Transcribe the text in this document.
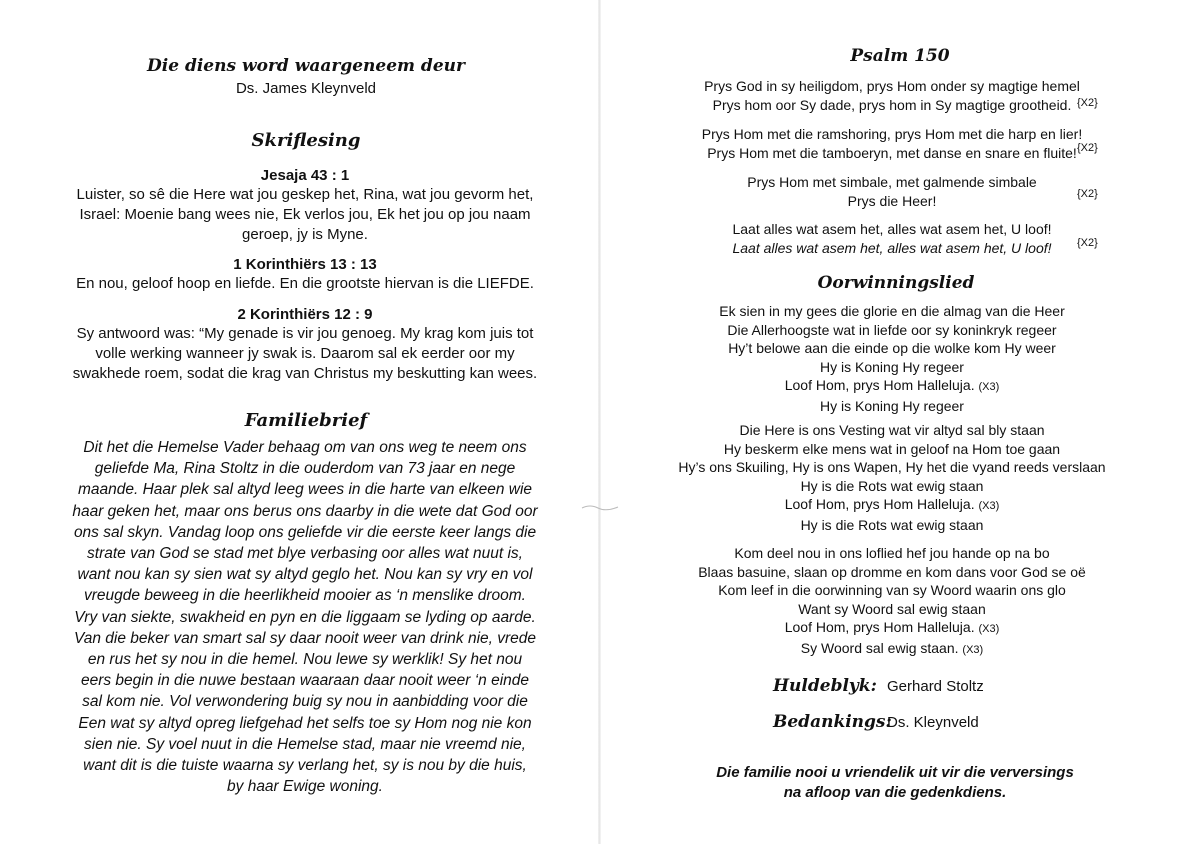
Die diens word waargeneem deur
Ds. James Kleynveld
Skriflesing
Jesaja 43 : 1
Luister, so sê die Here wat jou geskep het, Rina, wat jou gevorm het,
Israel: Moenie bang wees nie, Ek verlos jou, Ek het jou op jou naam
geroep, jy is Myne.
1 Korinthiërs 13 : 13
En nou, geloof hoop en liefde. En die grootste hiervan is die LIEFDE.
2 Korinthiërs 12 : 9
Sy antwoord was: “My genade is vir jou genoeg. My krag kom juis tot
volle werking wanneer jy swak is. Daarom sal ek eerder oor my
swakhede roem, sodat die krag van Christus my beskutting kan wees.
Familiebrief
Dit het die Hemelse Vader behaag om van ons weg te neem ons
geliefde Ma, Rina Stoltz in die ouderdom van 73 jaar en nege
maande. Haar plek sal altyd leeg wees in die harte van elkeen wie
haar geken het, maar ons berus ons daarby in die wete dat God oor
ons sal skyn. Vandag loop ons geliefde vir die eerste keer langs die
strate van God se stad met blye verbasing oor alles wat nuut is,
want nou kan sy sien wat sy altyd geglo het. Nou kan sy vry en vol
vreugde beweeg in die heerlikheid mooier as ‘n menslike droom.
Vry van siekte, swakheid en pyn en die liggaam se lyding op aarde.
Van die beker van smart sal sy daar nooit weer van drink nie, vrede
en rus het sy nou in die hemel. Nou lewe sy werklik! Sy het nou
eers begin in die nuwe bestaan waaraan daar nooit weer ‘n einde
sal kom nie. Vol verwondering buig sy nou in aanbidding voor die
Een wat sy altyd opreg liefgehad het selfs toe sy Hom nog nie kon
sien nie. Sy voel nuut in die Hemelse stad, maar nie vreemd nie,
want dit is die tuiste waarna sy verlang het, sy is nou by die huis,
by haar Ewige woning.
Psalm 150
Prys God in sy heiligdom, prys Hom onder sy magtige hemel
Prys hom oor Sy dade, prys hom in Sy magtige grootheid. {X2}
Prys Hom met die ramshoring, prys Hom met die harp en lier!
Prys Hom met die tamboeryn, met danse en snare en fluite! {X2}
Prys Hom met simbale, met galmende simbale
Prys die Heer!	{X2}
Laat alles wat asem het, alles wat asem het, U loof!
Laat alles wat asem het, alles wat asem het, U loof!	{X2}
Oorwinningslied
Ek sien in my gees die glorie en die almag van die Heer
Die Allerhoogste wat in liefde oor sy koninkryk regeer
Hy’t belowe aan die einde op die wolke kom Hy weer
Hy is Koning Hy regeer
Loof Hom, prys Hom Halleluja. (X3)
Hy is Koning Hy regeer
Die Here is ons Vesting wat vir altyd sal bly staan
Hy beskerm elke mens wat in geloof na Hom toe gaan
Hy’s ons Skuiling, Hy is ons Wapen, Hy het die vyand reeds verslaan
Hy is die Rots wat ewig staan
Loof Hom, prys Hom Halleluja. (X3)
Hy is die Rots wat ewig staan
Kom deel nou in ons loflied hef jou hande op na bo
Blaas basuine, slaan op dromme en kom dans voor God se oë
Kom leef in die oorwinning van sy Woord waarin ons glo
Want sy Woord sal ewig staan
Loof Hom, prys Hom Halleluja. (X3)
Sy Woord sal ewig staan. (X3)
Huldeblyk: Gerhard Stoltz
Bedankings:
Ds. Kleynveld
Die familie nooi u vriendelik uit vir die verversings
na afloop van die gedenkdiens.
